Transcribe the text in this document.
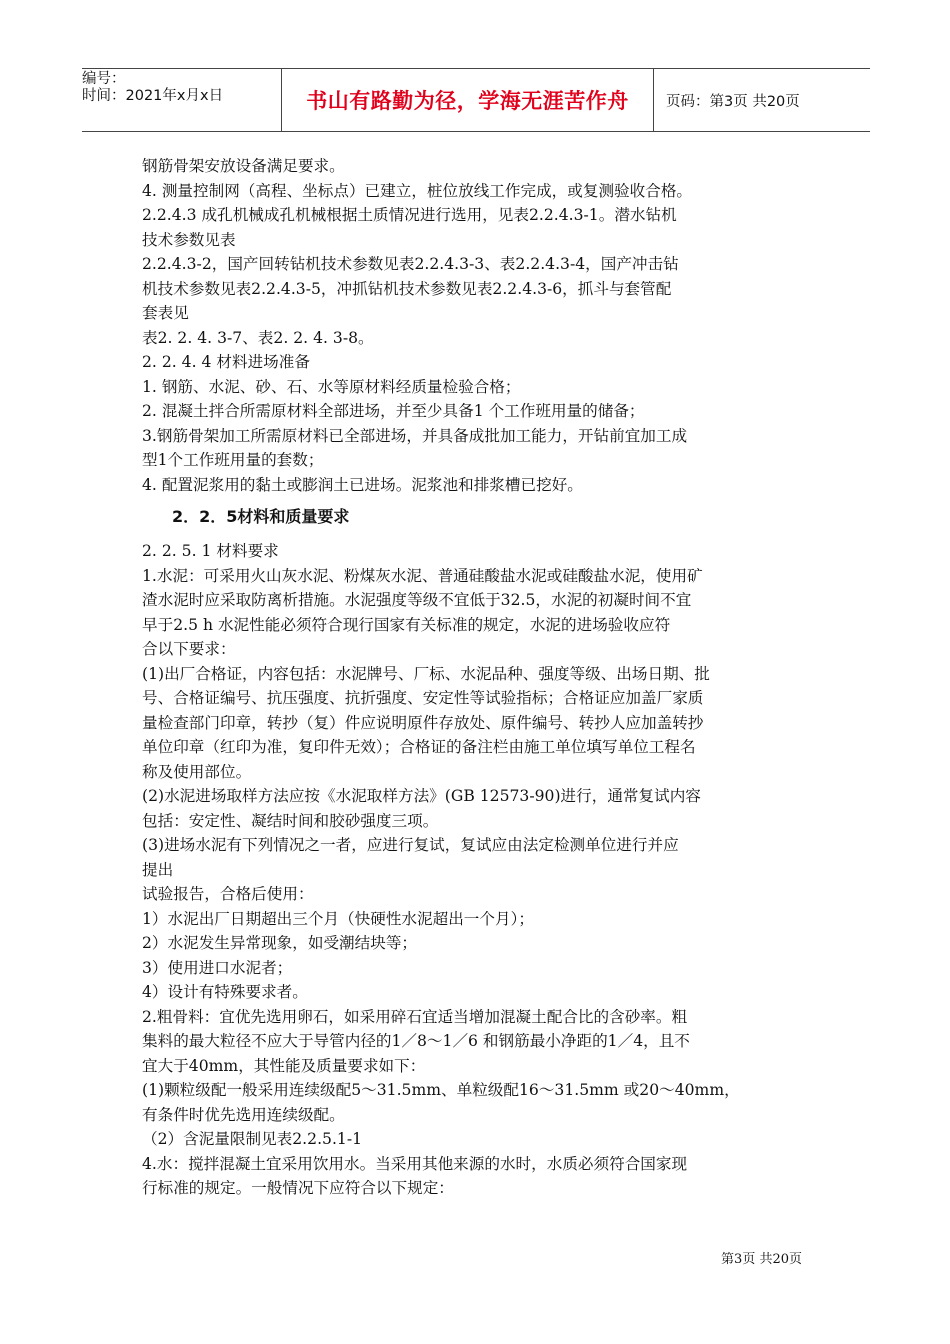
编号：
时间：2021年x月x日	书山有路勤为径，学海无涯苦作舟	页码：第3页 共20页
钢筋骨架安放设备满足要求。
4. 测量控制网（高程、坐标点）已建立，桩位放线工作完成，或复测验收合格。
2.2.4.3 成孔机械成孔机械根据土质情况进行选用，见表2.2.4.3-1。潜水钻机
技术参数见表
2.2.4.3-2，国产回转钻机技术参数见表2.2.4.3-3、表2.2.4.3-4，国产冲击钻
机技术参数见表2.2.4.3-5，冲抓钻机技术参数见表2.2.4.3-6，抓斗与套管配
套表见
表2. 2. 4. 3-7、表2. 2. 4. 3-8。
2. 2. 4. 4 材料进场准备
1. 钢筋、水泥、砂、石、水等原材料经质量检验合格；
2. 混凝土拌合所需原材料全部进场，并至少具备1 个工作班用量的储备；
3.钢筋骨架加工所需原材料已全部进场，并具备成批加工能力，开钻前宜加工成
型1个工作班用量的套数；
4. 配置泥浆用的黏土或膨润土已进场。泥浆池和排浆槽已挖好。
2．2．5材料和质量要求
2. 2. 5. 1 材料要求
1.水泥：可采用火山灰水泥、粉煤灰水泥、普通硅酸盐水泥或硅酸盐水泥，使用矿
渣水泥时应采取防离析措施。水泥强度等级不宜低于32.5，水泥的初凝时间不宜
早于2.5 h 水泥性能必须符合现行国家有关标准的规定，水泥的进场验收应符
合以下要求：
(1)出厂合格证，内容包括：水泥牌号、厂标、水泥品种、强度等级、出场日期、批
号、合格证编号、抗压强度、抗折强度、安定性等试验指标；合格证应加盖厂家质
量检查部门印章，转抄（复）件应说明原件存放处、原件编号、转抄人应加盖转抄
单位印章（红印为准，复印件无效）；合格证的备注栏由施工单位填写单位工程名
称及使用部位。
(2)水泥进场取样方法应按《水泥取样方法》(GB 12573-90)进行，通常复试内容
包括：安定性、凝结时间和胶砂强度三项。
(3)进场水泥有下列情况之一者，应进行复试，复试应由法定检测单位进行并应
提出
试验报告，合格后使用：
1）水泥出厂日期超出三个月（快硬性水泥超出一个月）；
2）水泥发生异常现象，如受潮结块等；
3）使用进口水泥者；
4）设计有特殊要求者。
2.粗骨料：宜优先选用卵石，如采用碎石宜适当增加混凝土配合比的含砂率。粗
集料的最大粒径不应大于导管内径的1／8～1／6 和钢筋最小净距的1／4，且不
宜大于40mm，其性能及质量要求如下：
(1)颗粒级配一般采用连续级配5～31.5mm、单粒级配16～31.5mm 或20～40mm，
有条件时优先选用连续级配。
（2）含泥量限制见表2.2.5.1-1
4.水：搅拌混凝土宜采用饮用水。当采用其他来源的水时，水质必须符合国家现
行标准的规定。一般情况下应符合以下规定：
第3页 共20页
